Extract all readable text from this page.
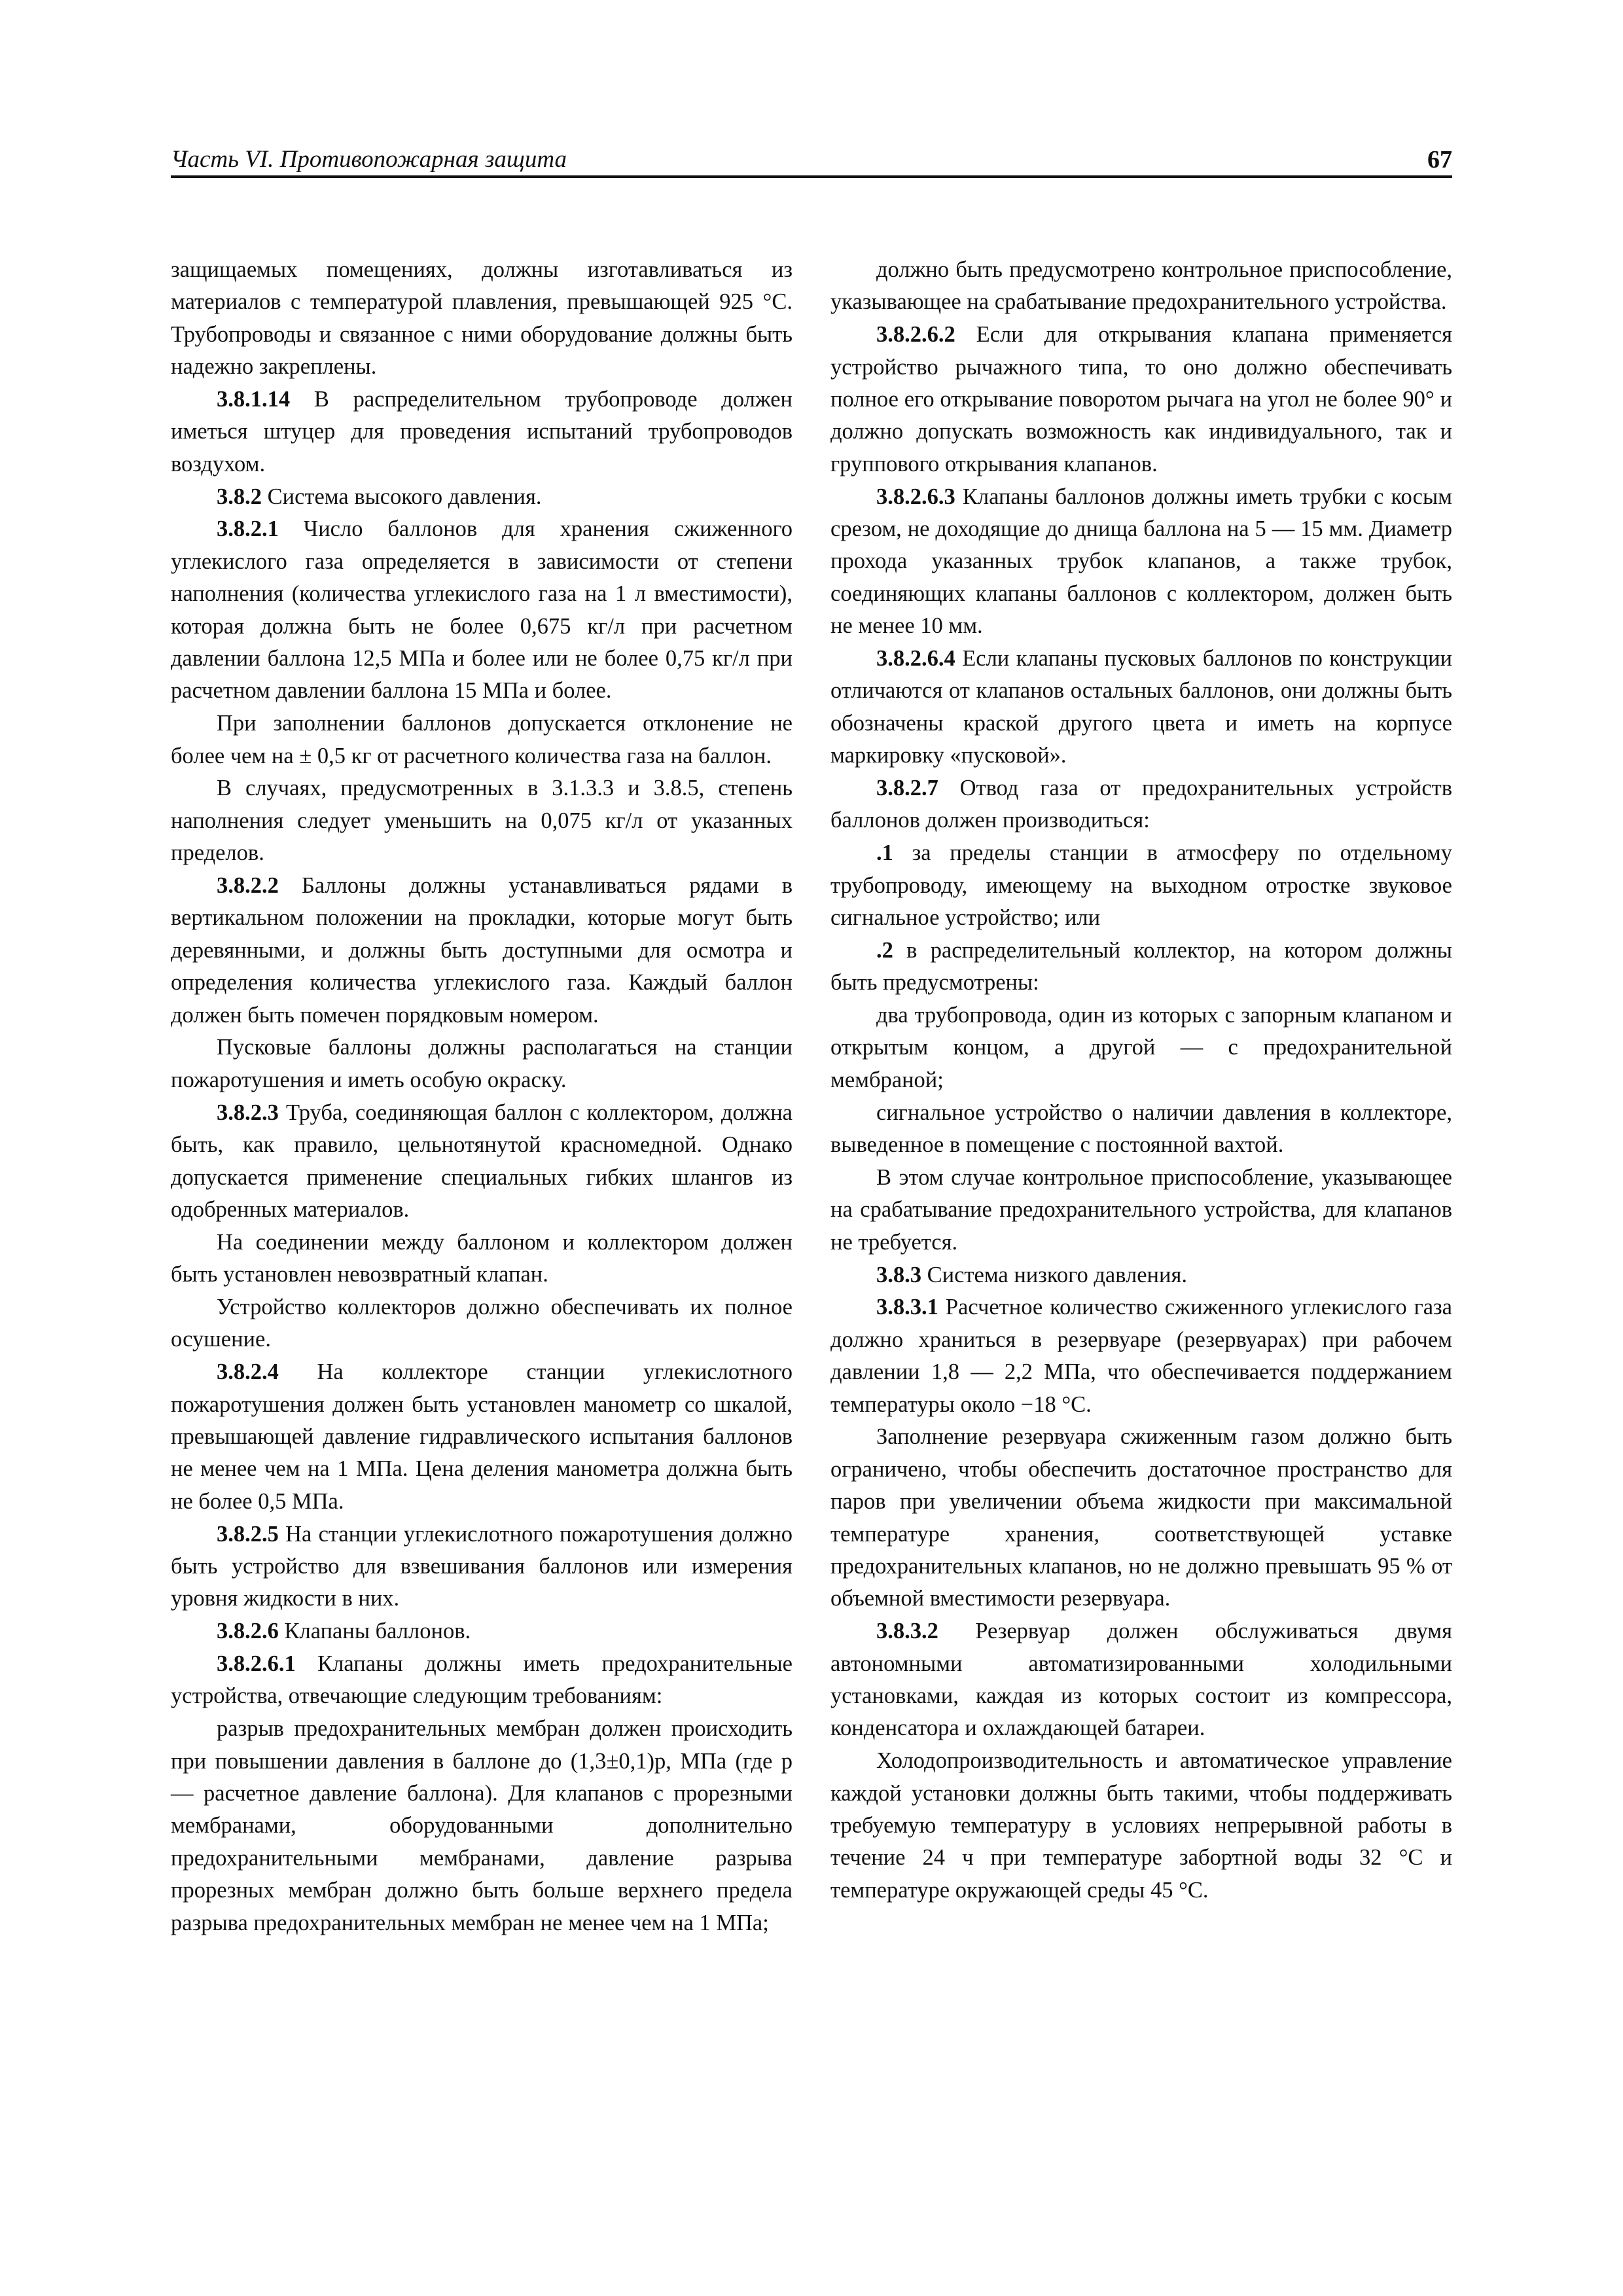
Часть VI. Противопожарная защита	67

защищаемых помещениях, должны изготавливаться из материалов с температурой плавления, превышающей 925 °С. Трубопроводы и связанное с ними оборудование должны быть надежно закреплены.

3.8.1.14 В распределительном трубопроводе должен иметься штуцер для проведения испытаний трубопроводов воздухом.

3.8.2 Система высокого давления.

3.8.2.1 Число баллонов для хранения сжиженного углекислого газа определяется в зависимости от степени наполнения (количества углекислого газа на 1 л вместимости), которая должна быть не более 0,675 кг/л при расчетном давлении баллона 12,5 МПа и более или не более 0,75 кг/л при расчетном давлении баллона 15 МПа и более.

При заполнении баллонов допускается отклонение не более чем на ± 0,5 кг от расчетного количества газа на баллон.

В случаях, предусмотренных в 3.1.3.3 и 3.8.5, степень наполнения следует уменьшить на 0,075 кг/л от указанных пределов.

3.8.2.2 Баллоны должны устанавливаться рядами в вертикальном положении на прокладки, которые могут быть деревянными, и должны быть доступными для осмотра и определения количества углекислого газа. Каждый баллон должен быть помечен порядковым номером.

Пусковые баллоны должны располагаться на станции пожаротушения и иметь особую окраску.

3.8.2.3 Труба, соединяющая баллон с коллектором, должна быть, как правило, цельнотянутой красномедной. Однако допускается применение специальных гибких шлангов из одобренных материалов.

На соединении между баллоном и коллектором должен быть установлен невозвратный клапан.

Устройство коллекторов должно обеспечивать их полное осушение.

3.8.2.4 На коллекторе станции углекислотного пожаротушения должен быть установлен манометр со шкалой, превышающей давление гидравлического испытания баллонов не менее чем на 1 МПа. Цена деления манометра должна быть не более 0,5 МПа.

3.8.2.5 На станции углекислотного пожаротушения должно быть устройство для взвешивания баллонов или измерения уровня жидкости в них.

3.8.2.6 Клапаны баллонов.

3.8.2.6.1 Клапаны должны иметь предохранительные устройства, отвечающие следующим требованиям:

разрыв предохранительных мембран должен происходить при повышении давления в баллоне до (1,3±0,1)p, МПа (где p — расчетное давление баллона). Для клапанов с прорезными мембранами, оборудованными дополнительно предохранительными мембранами, давление разрыва прорезных мембран должно быть больше верхнего предела разрыва предохранительных мембран не менее чем на 1 МПа;

должно быть предусмотрено контрольное приспособление, указывающее на срабатывание предохранительного устройства.

3.8.2.6.2 Если для открывания клапана применяется устройство рычажного типа, то оно должно обеспечивать полное его открывание поворотом рычага на угол не более 90° и должно допускать возможность как индивидуального, так и группового открывания клапанов.

3.8.2.6.3 Клапаны баллонов должны иметь трубки с косым срезом, не доходящие до днища баллона на 5 — 15 мм. Диаметр прохода указанных трубок клапанов, а также трубок, соединяющих клапаны баллонов с коллектором, должен быть не менее 10 мм.

3.8.2.6.4 Если клапаны пусковых баллонов по конструкции отличаются от клапанов остальных баллонов, они должны быть обозначены краской другого цвета и иметь на корпусе маркировку «пусковой».

3.8.2.7 Отвод газа от предохранительных устройств баллонов должен производиться:

.1 за пределы станции в атмосферу по отдельному трубопроводу, имеющему на выходном отростке звуковое сигнальное устройство; или

.2 в распределительный коллектор, на котором должны быть предусмотрены:

два трубопровода, один из которых с запорным клапаном и открытым концом, а другой — с предохранительной мембраной;

сигнальное устройство о наличии давления в коллекторе, выведенное в помещение с постоянной вахтой.

В этом случае контрольное приспособление, указывающее на срабатывание предохранительного устройства, для клапанов не требуется.

3.8.3 Система низкого давления.

3.8.3.1 Расчетное количество сжиженного углекислого газа должно храниться в резервуаре (резервуарах) при рабочем давлении 1,8 — 2,2 МПа, что обеспечивается поддержанием температуры около −18 °С.

Заполнение резервуара сжиженным газом должно быть ограничено, чтобы обеспечить достаточное пространство для паров при увеличении объема жидкости при максимальной температуре хранения, соответствующей уставке предохранительных клапанов, но не должно превышать 95 % от объемной вместимости резервуара.

3.8.3.2 Резервуар должен обслуживаться двумя автономными автоматизированными холодильными установками, каждая из которых состоит из компрессора, конденсатора и охлаждающей батареи.

Холодопроизводительность и автоматическое управление каждой установки должны быть такими, чтобы поддерживать требуемую температуру в условиях непрерывной работы в течение 24 ч при температуре забортной воды 32 °С и температуре окружающей среды 45 °С.
